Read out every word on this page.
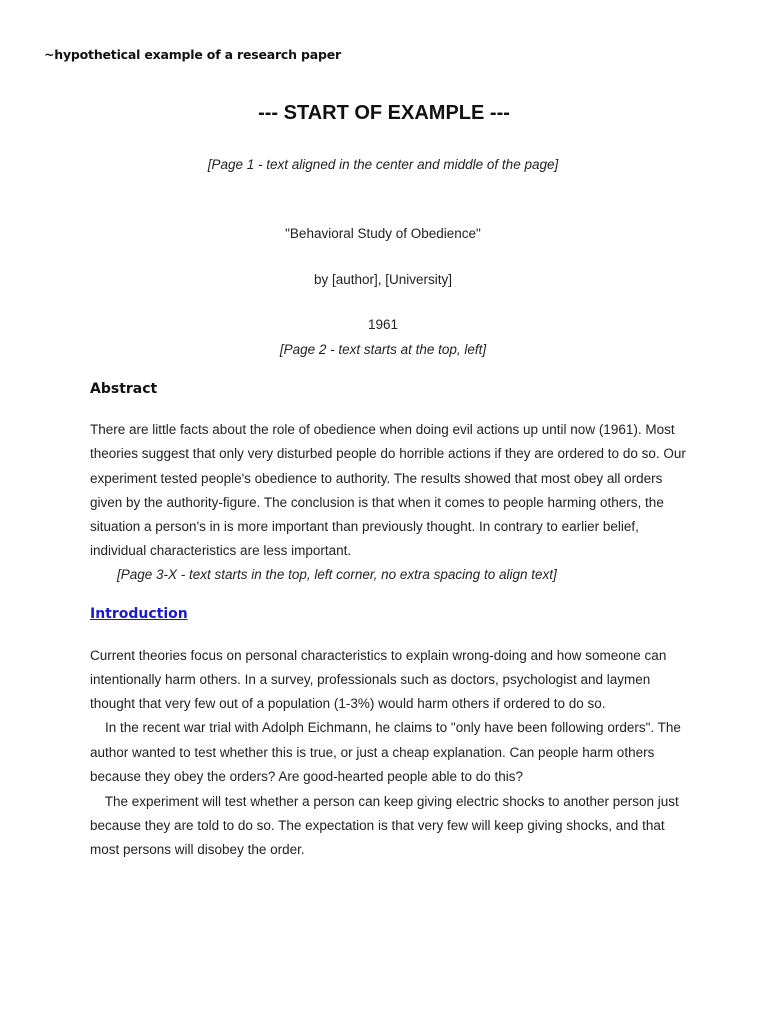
~hypothetical example of a research paper
--- START OF EXAMPLE ---
[Page 1 - text aligned in the center and middle of the page]
"Behavioral Study of Obedience"
by [author], [University]
1961
[Page 2 - text starts at the top, left]
Abstract
There are little facts about the role of obedience when doing evil actions up until now (1961). Most
theories suggest that only very disturbed people do horrible actions if they are ordered to do so. Our
experiment tested people's obedience to authority. The results showed that most obey all orders
given by the authority-figure. The conclusion is that when it comes to people harming others, the
situation a person's in is more important than previously thought. In contrary to earlier belief,
individual characteristics are less important.
[Page 3-X - text starts in the top, left corner, no extra spacing to align text]
Introduction
Current theories focus on personal characteristics to explain wrong-doing and how someone can
intentionally harm others. In a survey, professionals such as doctors, psychologist and laymen
thought that very few out of a population (1-3%) would harm others if ordered to do so.
In the recent war trial with Adolph Eichmann, he claims to "only have been following orders". The
author wanted to test whether this is true, or just a cheap explanation. Can people harm others
because they obey the orders? Are good-hearted people able to do this?
The experiment will test whether a person can keep giving electric shocks to another person just
because they are told to do so. The expectation is that very few will keep giving shocks, and that
most persons will disobey the order.
